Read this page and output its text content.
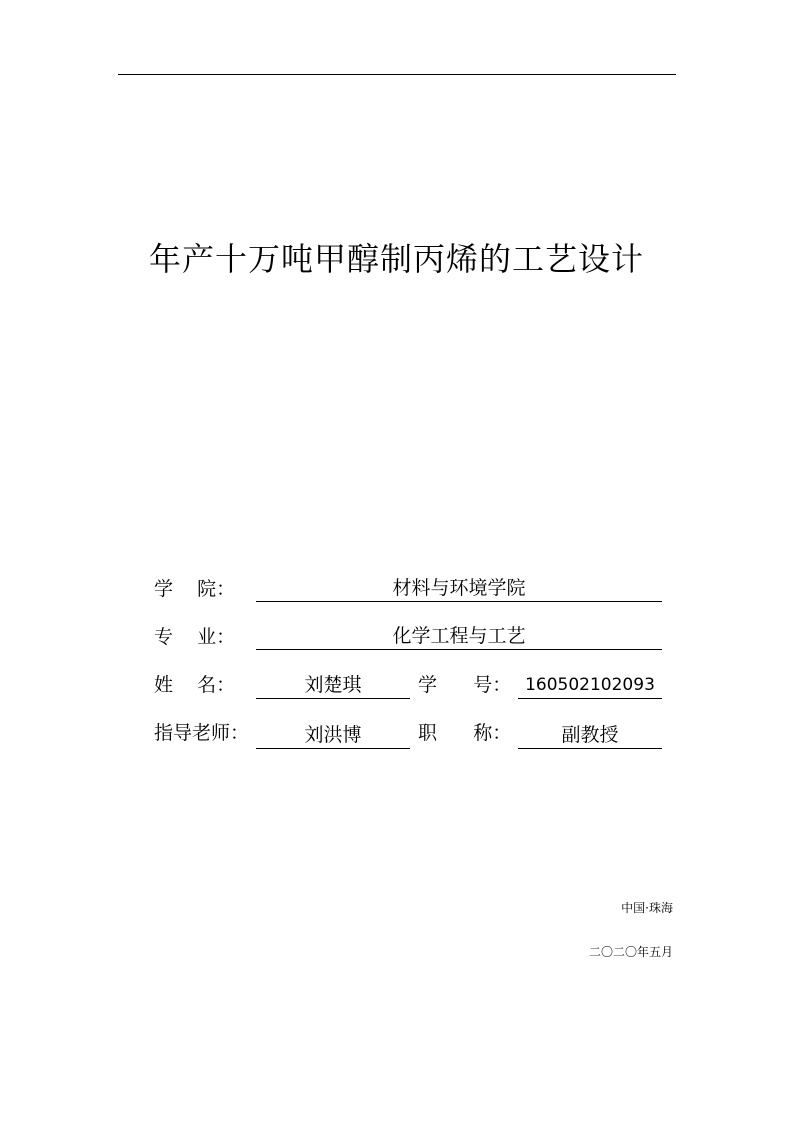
年产十万吨甲醇制丙烯的工艺设计
学    院：	材料与环境学院
专    业：	化学工程与工艺
姓    名：	刘楚琪	学      号： 160502102093
指导老师：	刘洪博	职      称：	副教授
中国·珠海
二〇二〇年五月
